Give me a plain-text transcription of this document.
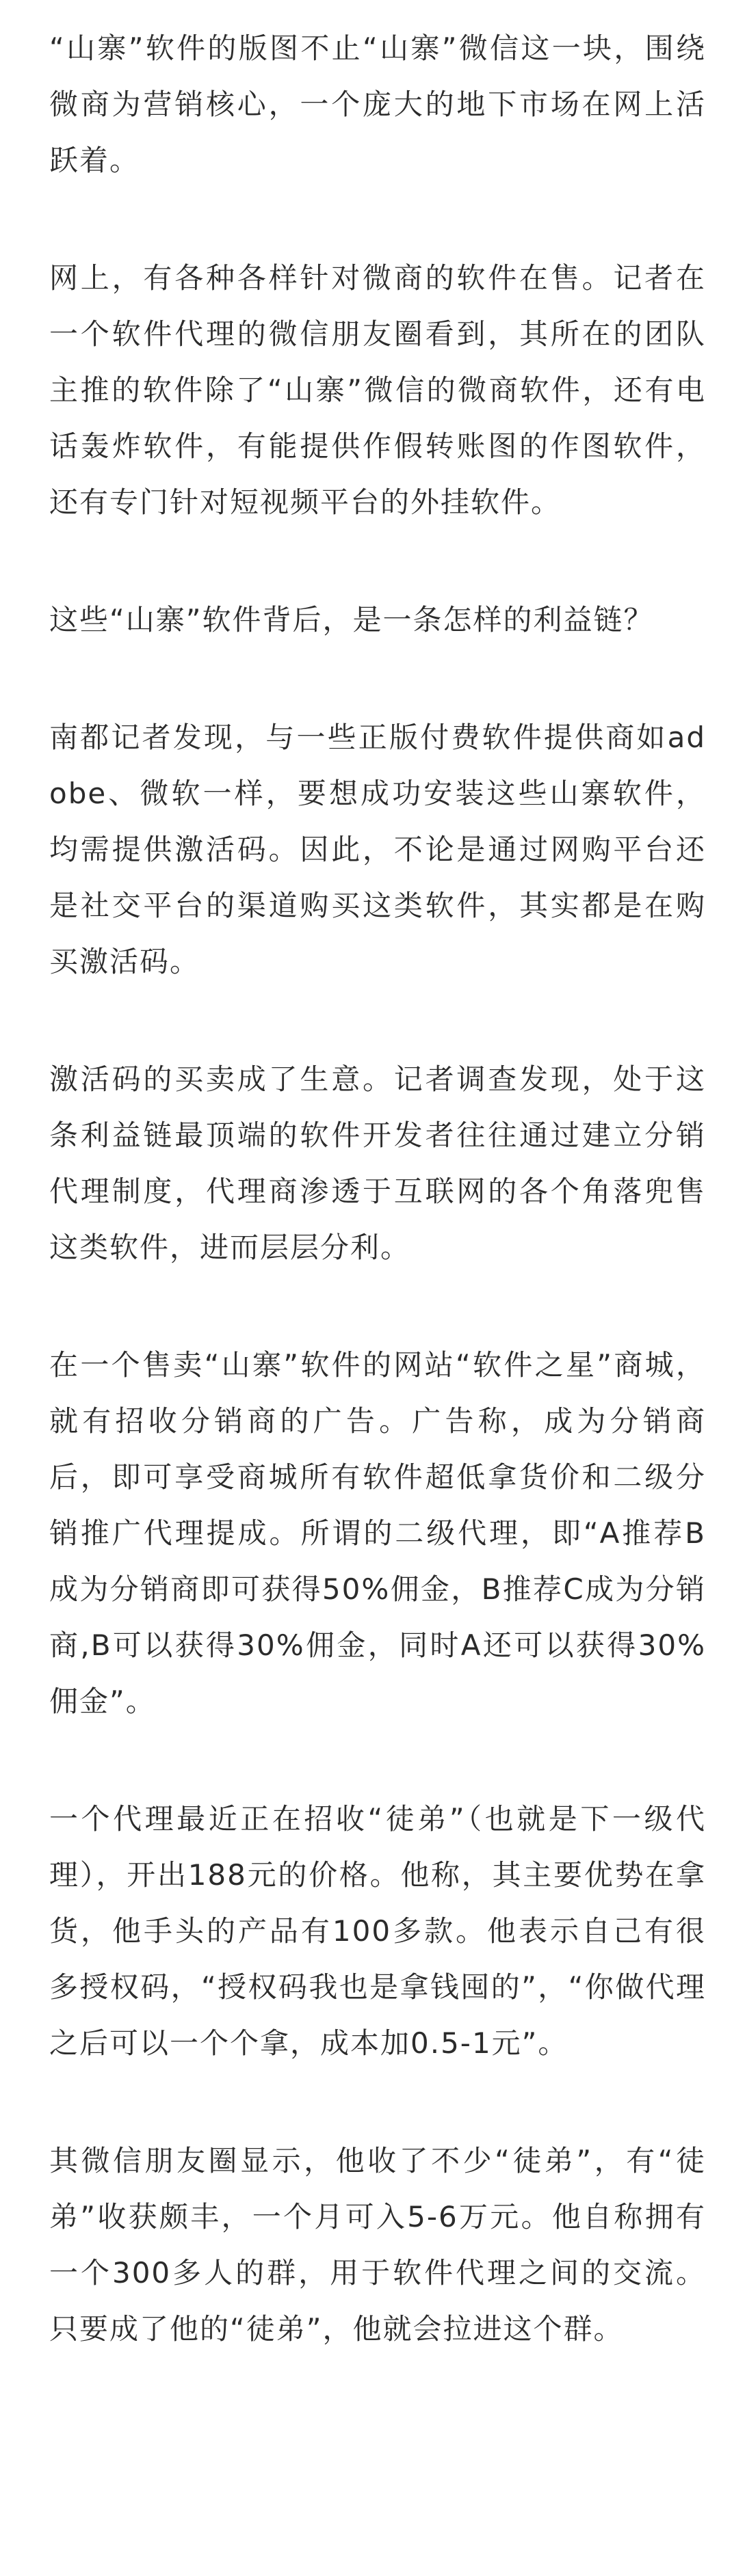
“山寨”软件的版图不止“山寨”微信这一块，围绕微商为营销核心，一个庞大的地下市场在网上活跃着。

网上，有各种各样针对微商的软件在售。记者在一个软件代理的微信朋友圈看到，其所在的团队主推的软件除了“山寨”微信的微商软件，还有电话轰炸软件，有能提供作假转账图的作图软件，还有专门针对短视频平台的外挂软件。

这些“山寨”软件背后，是一条怎样的利益链？

南都记者发现，与一些正版付费软件提供商如adobe、微软一样，要想成功安装这些山寨软件，均需提供激活码。因此，不论是通过网购平台还是社交平台的渠道购买这类软件，其实都是在购买激活码。

激活码的买卖成了生意。记者调查发现，处于这条利益链最顶端的软件开发者往往通过建立分销代理制度，代理商渗透于互联网的各个角落兜售这类软件，进而层层分利。

在一个售卖“山寨”软件的网站“软件之星”商城，就有招收分销商的广告。广告称，成为分销商后，即可享受商城所有软件超低拿货价和二级分销推广代理提成。所谓的二级代理，即“A推荐B成为分销商即可获得50%佣金，B推荐C成为分销商,B可以获得30%佣金，同时A还可以获得30%佣金”。

一个代理最近正在招收“徒弟”（也就是下一级代理），开出188元的价格。他称，其主要优势在拿货，他手头的产品有100多款。他表示自己有很多授权码，“授权码我也是拿钱囤的”，“你做代理之后可以一个个拿，成本加0.5-1元”。

其微信朋友圈显示，他收了不少“徒弟”，有“徒弟”收获颇丰，一个月可入5-6万元。他自称拥有一个300多人的群，用于软件代理之间的交流。只要成了他的“徒弟”，他就会拉进这个群。
